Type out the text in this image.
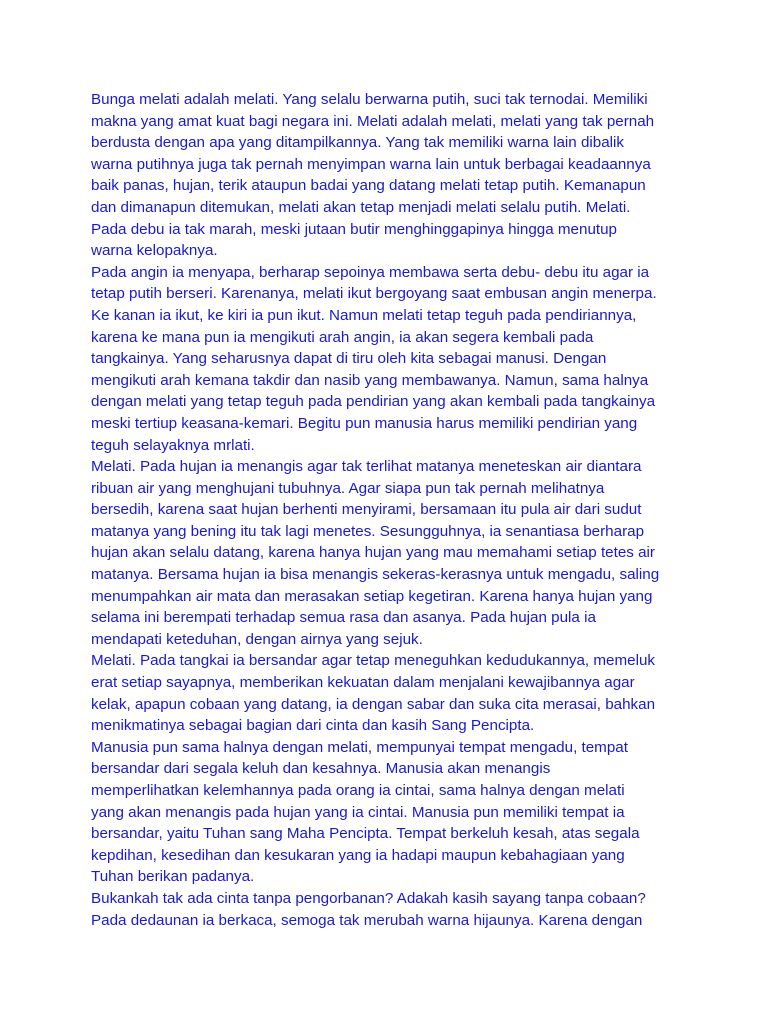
Bunga melati adalah melati. Yang selalu berwarna putih, suci tak ternodai. Memiliki
makna yang amat kuat bagi negara ini. Melati adalah melati, melati yang tak pernah
berdusta dengan apa yang ditampilkannya. Yang tak memiliki warna lain dibalik
warna putihnya juga tak pernah menyimpan warna lain untuk berbagai keadaannya
baik panas, hujan, terik ataupun badai yang datang melati tetap putih. Kemanapun
dan dimanapun ditemukan, melati akan tetap menjadi melati selalu putih. Melati.
Pada debu ia tak marah, meski jutaan butir menghinggapinya hingga menutup
warna kelopaknya.
Pada angin ia menyapa, berharap sepoinya membawa serta debu- debu itu agar ia
tetap putih berseri. Karenanya, melati ikut bergoyang saat embusan angin menerpa.
Ke kanan ia ikut, ke kiri ia pun ikut. Namun melati tetap teguh pada pendiriannya,
karena ke mana pun ia mengikuti arah angin, ia akan segera kembali pada
tangkainya. Yang seharusnya dapat di tiru oleh kita sebagai manusi. Dengan
mengikuti arah kemana takdir dan nasib yang membawanya. Namun, sama halnya
dengan melati yang tetap teguh pada pendirian yang akan kembali pada tangkainya
meski tertiup keasana-kemari. Begitu pun manusia harus memiliki pendirian yang
teguh selayaknya mrlati.
Melati. Pada hujan ia menangis agar tak terlihat matanya meneteskan air diantara
ribuan air yang menghujani tubuhnya. Agar siapa pun tak pernah melihatnya
bersedih, karena saat hujan berhenti menyirami, bersamaan itu pula air dari sudut
matanya yang bening itu tak lagi menetes. Sesungguhnya, ia senantiasa berharap
hujan akan selalu datang, karena hanya hujan yang mau memahami setiap tetes air
matanya. Bersama hujan ia bisa menangis sekeras-kerasnya untuk mengadu, saling
menumpahkan air mata dan merasakan setiap kegetiran. Karena hanya hujan yang
selama ini berempati terhadap semua rasa dan asanya. Pada hujan pula ia
mendapati keteduhan, dengan airnya yang sejuk.
Melati. Pada tangkai ia bersandar agar tetap meneguhkan kedudukannya, memeluk
erat setiap sayapnya, memberikan kekuatan dalam menjalani kewajibannya agar
kelak, apapun cobaan yang datang, ia dengan sabar dan suka cita merasai, bahkan
menikmatinya sebagai bagian dari cinta dan kasih Sang Pencipta.
Manusia pun sama halnya dengan melati, mempunyai tempat mengadu, tempat
bersandar dari segala keluh dan kesahnya. Manusia akan menangis
memperlihatkan kelemhannya pada orang ia cintai, sama halnya dengan melati
yang akan menangis pada hujan yang ia cintai. Manusia pun memiliki tempat ia
bersandar, yaitu Tuhan sang Maha Pencipta. Tempat berkeluh kesah, atas segala
kepdihan, kesedihan dan kesukaran yang ia hadapi maupun kebahagiaan yang
Tuhan berikan padanya.
Bukankah tak ada cinta tanpa pengorbanan? Adakah kasih sayang tanpa cobaan?
Pada dedaunan ia berkaca, semoga tak merubah warna hijaunya. Karena dengan
